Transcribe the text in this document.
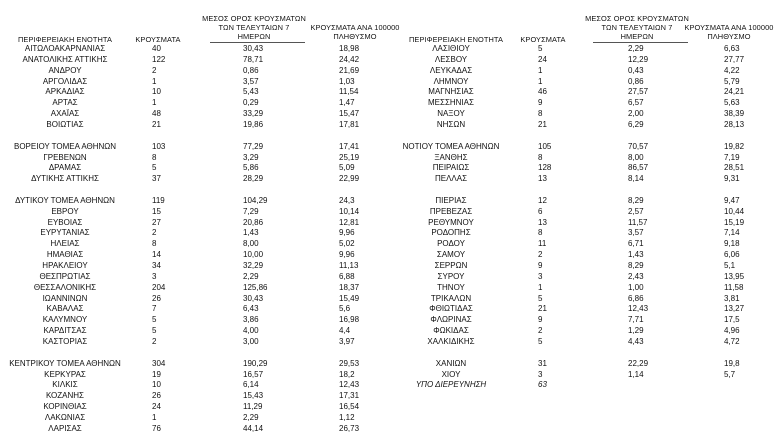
ΠΕΡΙΦΕΡΕΙΑΚΗ ΕΝΟΤΗΤΑ	ΚΡΟΥΣΜΑΤΑ
ΜΕΣΟΣ ΟΡΟΣ ΚΡΟΥΣΜΑΤΩΝ
ΤΩΝ ΤΕΛΕΥΤΑΙΩΝ 7
ΗΜΕΡΩΝ
ΚΡΟΥΣΜΑΤΑ ΑΝΑ 100000
ΠΛΗΘΥΣΜΟ	ΠΕΡΙΦΕΡΕΙΑΚΗ ΕΝΟΤΗΤΑ	ΚΡΟΥΣΜΑΤΑ
ΜΕΣΟΣ ΟΡΟΣ ΚΡΟΥΣΜΑΤΩΝ
ΤΩΝ ΤΕΛΕΥΤΑΙΩΝ 7
ΗΜΕΡΩΝ
ΚΡΟΥΣΜΑΤΑ ΑΝΑ 100000
ΠΛΗΘΥΣΜΟ
ΑΙΤΩΛΟΑΚΑΡΝΑΝΙΑΣ	40	30,43	18,98
ΑΝΑΤΟΛΙΚΗΣ ΑΤΤΙΚΗΣ	122	78,71	24,42
ΑΝΔΡΟΥ	2	0,86	21,69
ΑΡΓΟΛΙΔΑΣ	1	3,57	1,03
ΑΡΚΑΔΙΑΣ	10	5,43	11,54
ΑΡΤΑΣ	1	0,29	1,47
ΑΧΑΪΑΣ	48	33,29	15,47
ΒΟΙΩΤΙΑΣ	21	19,86	17,81
ΒΟΡΕΙΟΥ ΤΟΜΕΑ ΑΘΗΝΩΝ	103	77,29	17,41
ΓΡΕΒΕΝΩΝ	8	3,29	25,19
ΔΡΑΜΑΣ	5	5,86	5,09
ΔΥΤΙΚΗΣ ΑΤΤΙΚΗΣ	37	28,29	22,99
ΔΥΤΙΚΟΥ ΤΟΜΕΑ ΑΘΗΝΩΝ	119	104,29	24,3
ΕΒΡΟΥ	15	7,29	10,14
ΕΥΒΟΙΑΣ	27	20,86	12,81
ΕΥΡΥΤΑΝΙΑΣ	2	1,43	9,96
ΗΛΕΙΑΣ	8	8,00	5,02
ΗΜΑΘΙΑΣ	14	10,00	9,96
ΗΡΑΚΛΕΙΟΥ	34	32,29	11,13
ΘΕΣΠΡΩΤΙΑΣ	3	2,29	6,88
ΘΕΣΣΑΛΟΝΙΚΗΣ	204	125,86	18,37
ΙΩΑΝΝΙΝΩΝ	26	30,43	15,49
ΚΑΒΑΛΑΣ	7	6,43	5,6
ΚΑΛΥΜΝΟΥ	5	3,86	16,98
ΚΑΡΔΙΤΣΑΣ	5	4,00	4,4
ΚΑΣΤΟΡΙΑΣ	2	3,00	3,97
ΚΕΝΤΡΙΚΟΥ ΤΟΜΕΑ ΑΘΗΝΩΝ	304	190,29	29,53
ΚΕΡΚΥΡΑΣ	19	16,57	18,2
ΚΙΛΚΙΣ	10	6,14	12,43
ΚΟΖΑΝΗΣ	26	15,43	17,31
ΚΟΡΙΝΘΙΑΣ	24	11,29	16,54
ΛΑΚΩΝΙΑΣ	1	2,29	1,12
ΛΑΡΙΣΑΣ	76	44,14	26,73
ΛΑΣΙΘΙΟΥ	5	2,29	6,63
ΛΕΣΒΟΥ	24	12,29	27,77
ΛΕΥΚΑΔΑΣ	1	0,43	4,22
ΛΗΜΝΟΥ	1	0,86	5,79
ΜΑΓΝΗΣΙΑΣ	46	27,57	24,21
ΜΕΣΣΗΝΙΑΣ	9	6,57	5,63
ΝΑΞΟΥ	8	2,00	38,39
ΝΗΣΩΝ	21	6,29	28,13
ΝΟΤΙΟΥ ΤΟΜΕΑ ΑΘΗΝΩΝ	105	70,57	19,82
ΞΑΝΘΗΣ	8	8,00	7,19
ΠΕΙΡΑΙΩΣ	128	86,57	28,51
ΠΕΛΛΑΣ	13	8,14	9,31
ΠΙΕΡΙΑΣ	12	8,29	9,47
ΠΡΕΒΕΖΑΣ	6	2,57	10,44
ΡΕΘΥΜΝΟΥ	13	11,57	15,19
ΡΟΔΟΠΗΣ	8	3,57	7,14
ΡΟΔΟΥ	11	6,71	9,18
ΣΑΜΟΥ	2	1,43	6,06
ΣΕΡΡΩΝ	9	8,29	5,1
ΣΥΡΟΥ	3	2,43	13,95
ΤΗΝΟΥ	1	1,00	11,58
ΤΡΙΚΑΛΩΝ	5	6,86	3,81
ΦΘΙΩΤΙΔΑΣ	21	12,43	13,27
ΦΛΩΡΙΝΑΣ	9	7,71	17,5
ΦΩΚΙΔΑΣ	2	1,29	4,96
ΧΑΛΚΙΔΙΚΗΣ	5	4,43	4,72
ΧΑΝΙΩΝ	31	22,29	19,8
ΧΙΟΥ	3	1,14	5,7
ΥΠΟ ΔΙΕΡΕΥΝΗΣΗ	63
